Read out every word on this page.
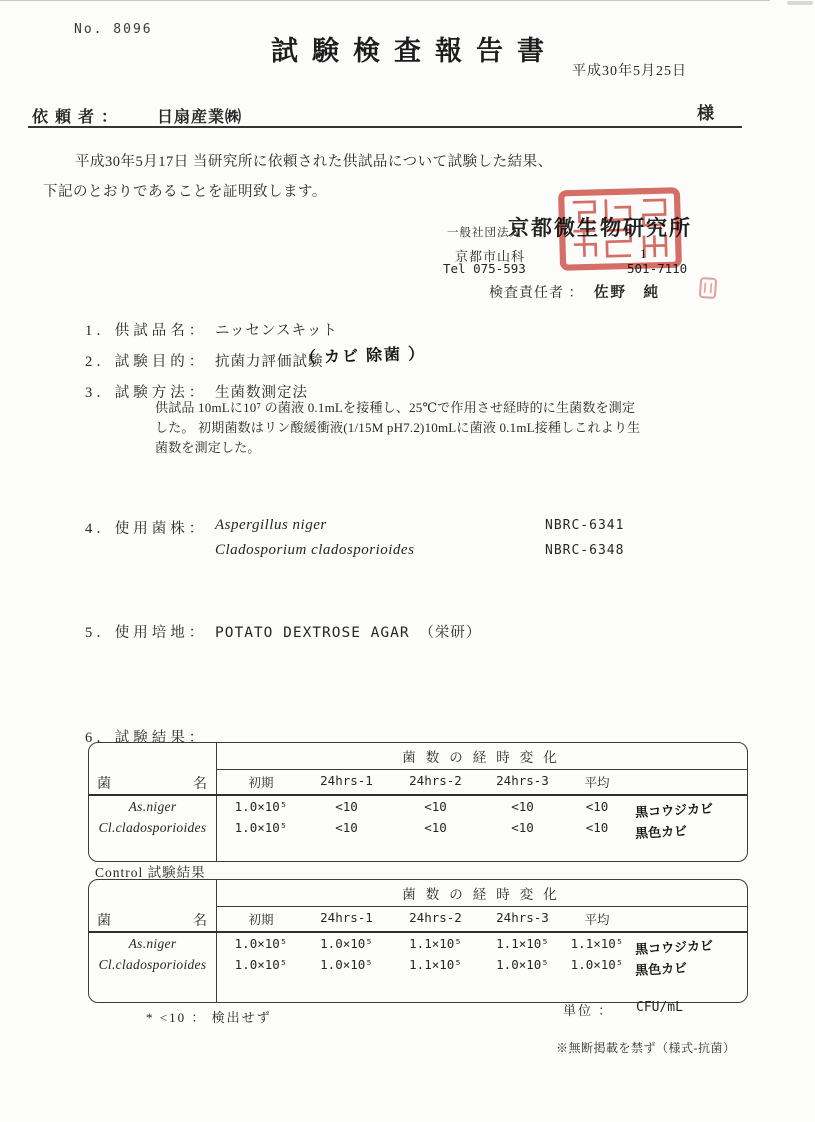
No. 8096
試験検査報告書
平成30年5月25日
依頼者： 日扇産業㈱	様
平成30年5月17日 当研究所に依頼された供試品について試験した結果、
下記のとおりであることを証明致します。
一般社団法人
京都微生物研究所
京都市山科	1
Tel 075-593	501-7110
検査責任者 ： 佐野　純
1．供試品名： ニッセンスキット
2．試験目的： 抗菌力評価試験
（ カビ 除菌 ）
3．試験方法： 生菌数測定法
供試品 10mLに10⁷ の菌液 0.1mLを接種し、25℃で作用させ経時的に生菌数を測定した。 初期菌数はリン酸緩衝液(1/15M pH7.2)10mLに菌液 0.1mL接種しこれより生菌数を測定した。
4．使用菌株： Aspergillus niger	NBRC-6341
Cladosporium cladosporioides	NBRC-6348
5．使用培地： POTATO DEXTROSE AGAR （栄研）
6．試験結果：
菌数の経時変化
菌	名	初期	24hrs-1	24hrs-2	24hrs-3	平均
As.niger	1.0×10⁵	<10	<10	<10	<10	黒コウジカビ
Cl.cladosporioides	1.0×10⁵	<10	<10	<10	<10	黒色カビ
Control 試験結果
菌数の経時変化
菌	名	初期	24hrs-1	24hrs-2	24hrs-3	平均
As.niger	1.0×10⁵	1.0×10⁵	1.1×10⁵	1.1×10⁵	1.1×10⁵ 黒コウジカビ
Cl.cladosporioides	1.0×10⁵	1.0×10⁵	1.1×10⁵	1.0×10⁵	1.0×10⁵ 黒色カビ
* <10 ： 検出せず	単位 ： CFU/mL
※無断掲載を禁ず（様式-抗菌）
